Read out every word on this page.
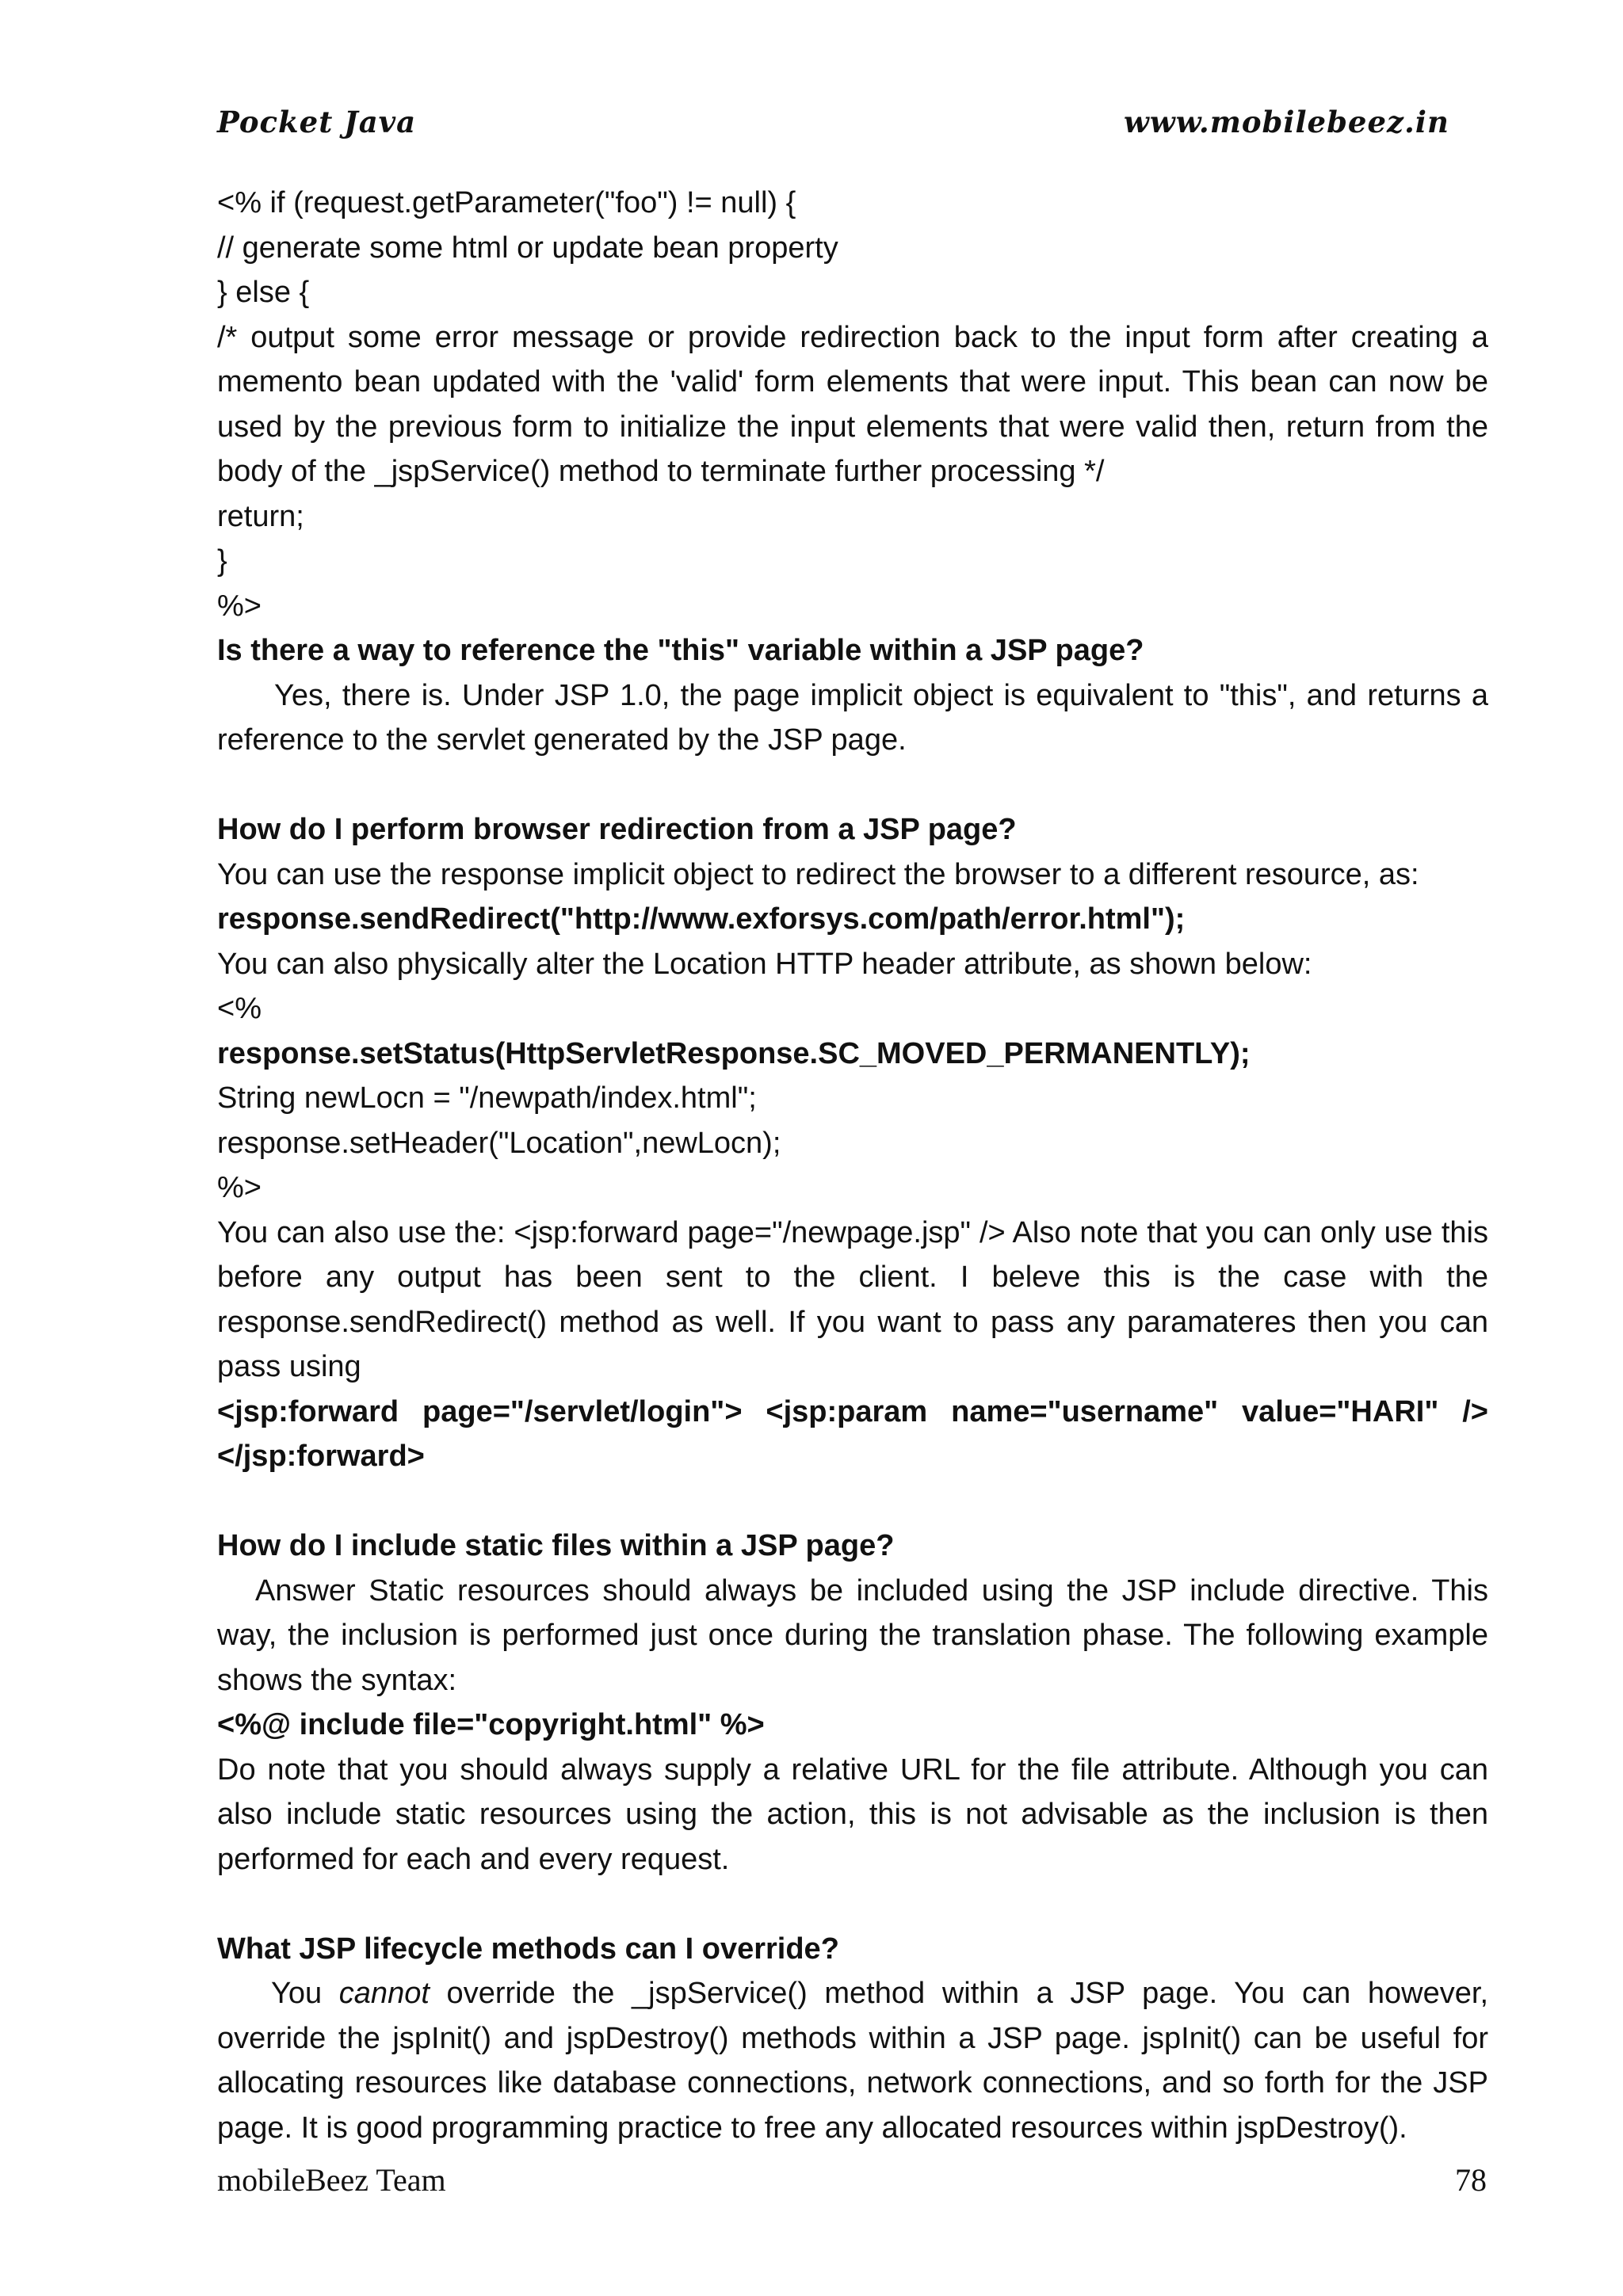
Pocket Java	www.mobilebeez.in

<% if (request.getParameter("foo") != null) {

// generate some html or update bean property

} else {

/* output some error message or provide redirection back to the input form after creating a memento bean updated with the 'valid' form elements that were input. This bean can now be used by the previous form to initialize the input elements that were valid then, return from the body of the _jspService() method to terminate further processing */

return;

}

%>

Is there a way to reference the "this" variable within a JSP page?

Yes, there is. Under JSP 1.0, the page implicit object is equivalent to "this", and returns a reference to the servlet generated by the JSP page.

How do I perform browser redirection from a JSP page?

You can use the response implicit object to redirect the browser to a different resource, as:

response.sendRedirect("http://www.exforsys.com/path/error.html");

You can also physically alter the Location HTTP header attribute, as shown below:

<%

response.setStatus(HttpServletResponse.SC_MOVED_PERMANENTLY);

String newLocn = "/newpath/index.html";

response.setHeader("Location",newLocn);

%>

You can also use the: <jsp:forward page="/newpage.jsp" /> Also note that you can only use this before any output has been sent to the client. I beleve this is the case with the response.sendRedirect() method as well. If you want to pass any paramateres then you can pass using

<jsp:forward page="/servlet/login"> <jsp:param name="username" value="HARI" /> </jsp:forward>

How do I include static files within a JSP page?

Answer Static resources should always be included using the JSP include directive. This way, the inclusion is performed just once during the translation phase. The following example shows the syntax:

<%@ include file="copyright.html" %>

Do note that you should always supply a relative URL for the file attribute. Although you can also include static resources using the action, this is not advisable as the inclusion is then performed for each and every request.

What JSP lifecycle methods can I override?

You cannot override the _jspService() method within a JSP page. You can however, override the jspInit() and jspDestroy() methods within a JSP page. jspInit() can be useful for allocating resources like database connections, network connections, and so forth for the JSP page. It is good programming practice to free any allocated resources within jspDestroy().

mobileBeez Team	78
